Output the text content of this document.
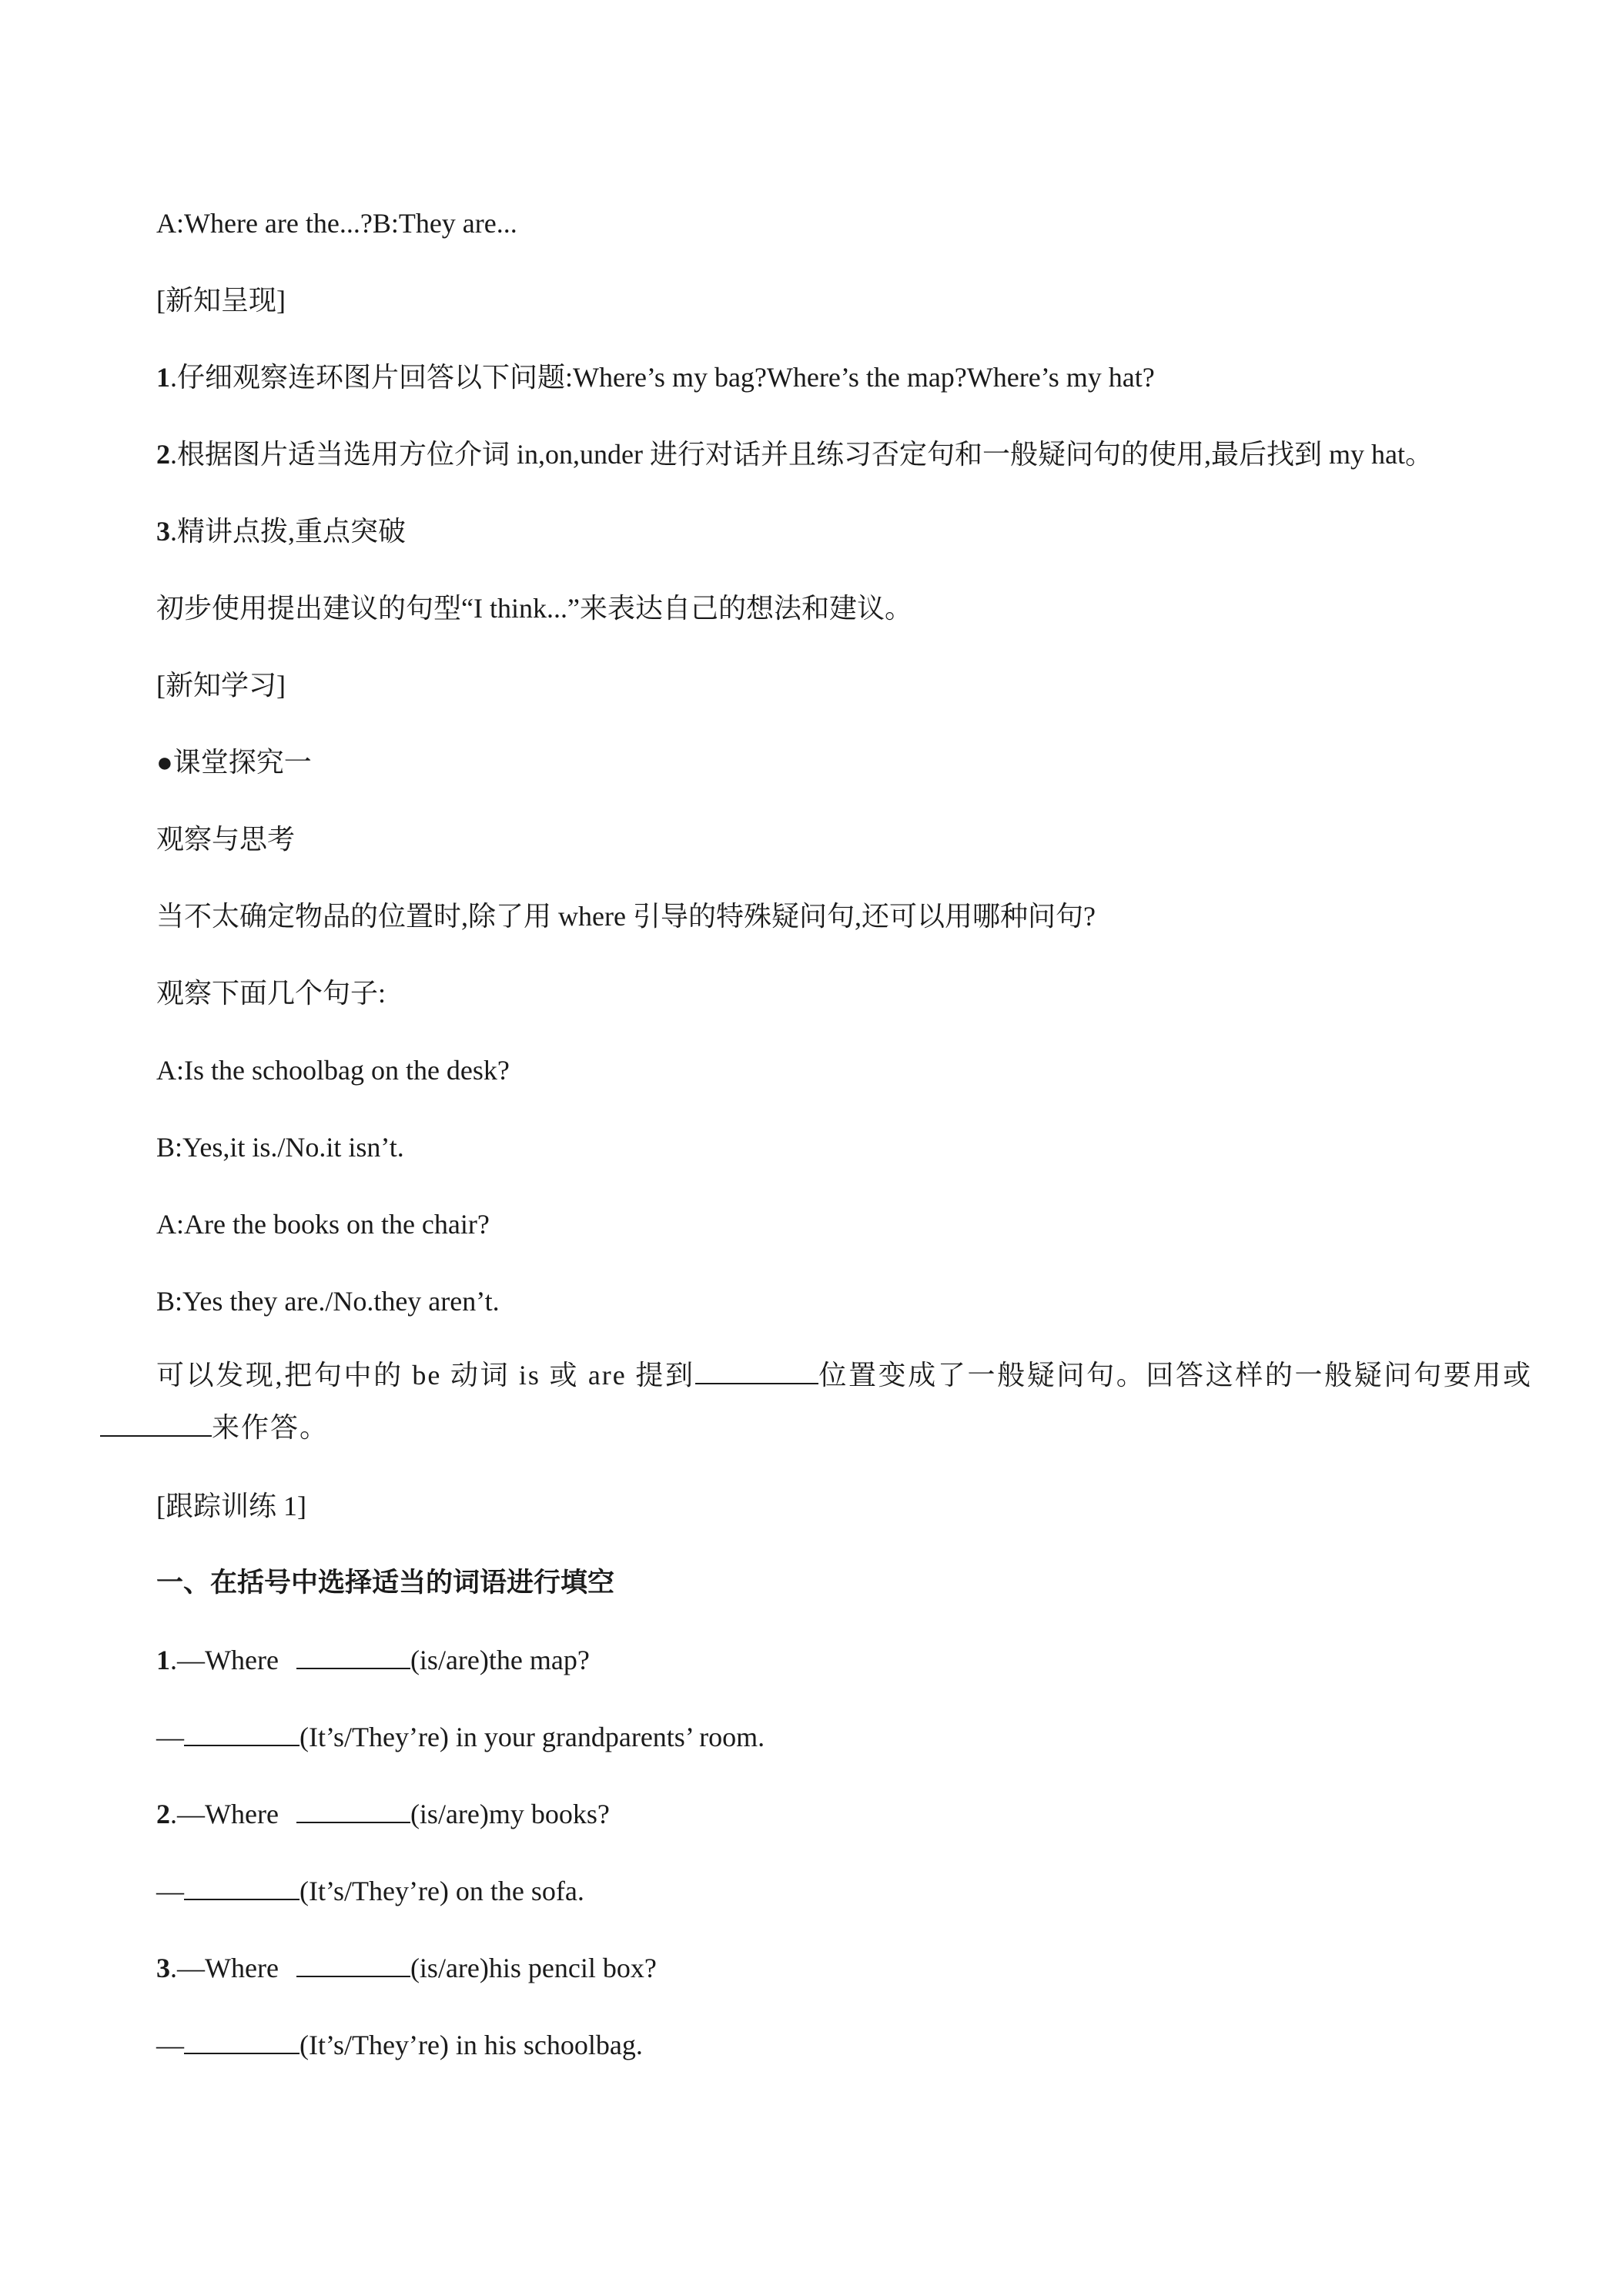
A:Where are the...?B:They are...

[新知呈现]

1.仔细观察连环图片回答以下问题:Where’s my bag?Where’s the map?Where’s my hat?

2.根据图片适当选用方位介词 in,on,under 进行对话并且练习否定句和一般疑问句的使用,最后找到 my hat。

3.精讲点拨,重点突破

初步使用提出建议的句型“I think...”来表达自己的想法和建议。

[新知学习]

●课堂探究一

观察与思考

当不太确定物品的位置时,除了用 where 引导的特殊疑问句,还可以用哪种问句?

观察下面几个句子:

A:Is the schoolbag on the desk?

B:Yes,it is./No.it isn’t.

A:Are the books on the chair?

B:Yes they are./No.they aren’t.

可以发现,把句中的 be 动词 is 或 are 提到	位置变成了一般疑问句。回答这样的一般疑问句要用或来作答。

[跟踪训练 1]

一、在括号中选择适当的词语进行填空

1.—Where	(is/are)the map?

—	(It’s/They’re) in your grandparents’ room.

2.—Where	(is/are)my books?

—	(It’s/They’re) on the sofa.

3.—Where	(is/are)his pencil box?

—	(It’s/They’re) in his schoolbag.
